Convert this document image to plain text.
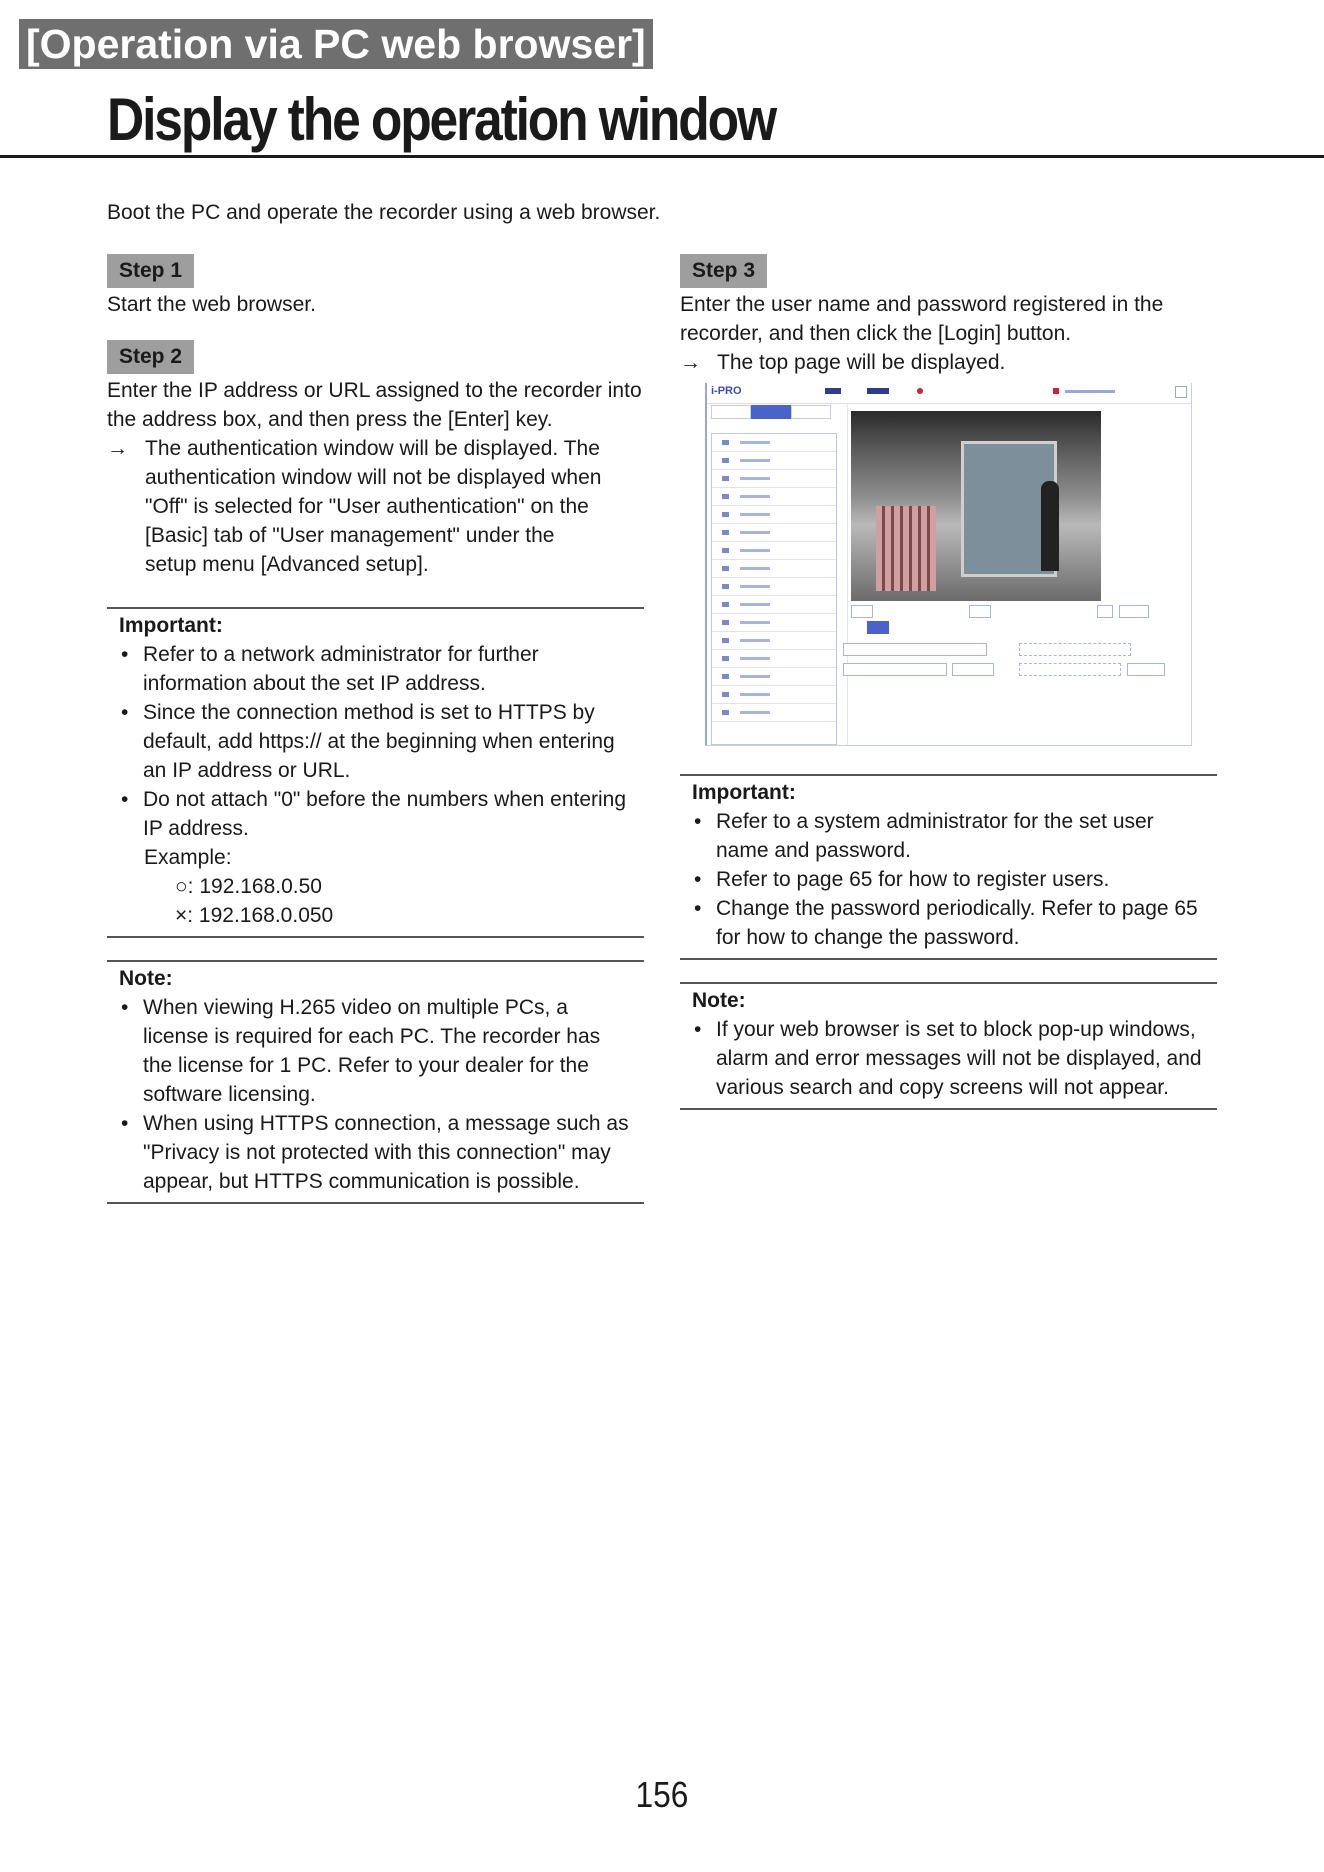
[Operation via PC web browser]
Display the operation window

Boot the PC and operate the recorder using a web browser.

Step 1

Start the web browser.

Step 2

Enter the IP address or URL assigned to the recorder into the address box, and then press the [Enter] key.

→ The authentication window will be displayed. The
authentication window will not be displayed when
"Off" is selected for "User authentication" on the
[Basic] tab of "User management" under the
setup menu [Advanced setup].

Important:

• Refer to a network administrator for further information about the set IP address.
• Since the connection method is set to HTTPS by default, add https:// at the beginning when entering an IP address or URL.
• Do not attach "0" before the numbers when entering IP address.
Example:
○: 192.168.0.50
×: 192.168.0.050

Note:

• When viewing H.265 video on multiple PCs, a license is required for each PC. The recorder has the license for 1 PC. Refer to your dealer for the software licensing.
• When using HTTPS connection, a message such as "Privacy is not protected with this connection" may appear, but HTTPS communication is possible.
Step 3

Enter the user name and password registered in the recorder, and then click the [Login] button.

→ The top page will be displayed.
i-PRO

Important:

• Refer to a system administrator for the set user name and password.
• Refer to page 65 for how to register users.
• Change the password periodically. Refer to page 65 for how to change the password.

Note:

• If your web browser is set to block pop-up windows, alarm and error messages will not be displayed, and various search and copy screens will not appear.
156
